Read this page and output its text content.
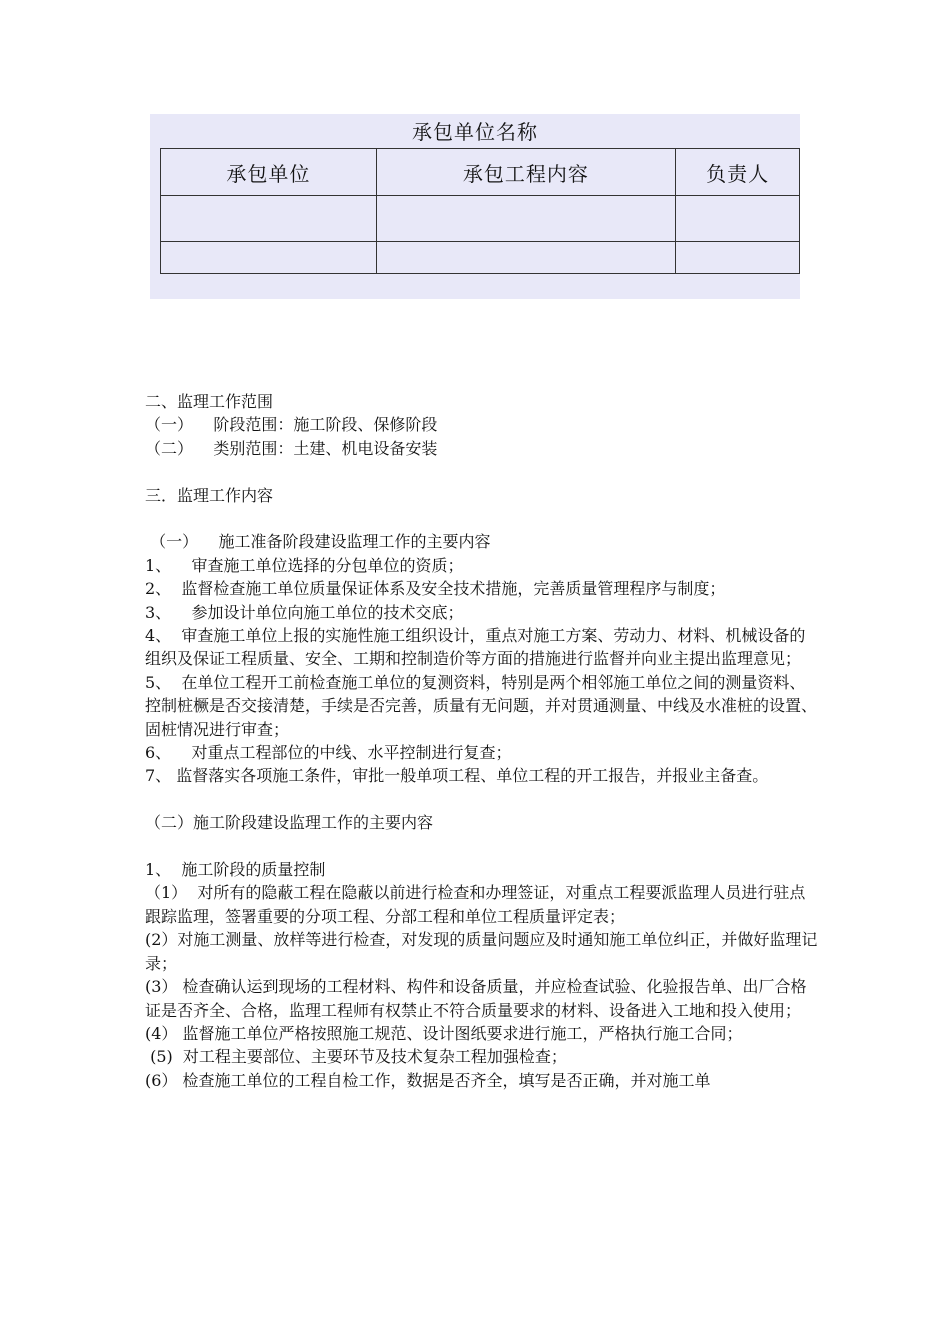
承包单位名称
承包单位	承包工程内容	负责人

二、监理工作范围

（一）    阶段范围：施工阶段、保修阶段

（二）    类别范围：土建、机电设备安装

三．监理工作内容

（一）    施工准备阶段建设监理工作的主要内容

1、    审查施工单位选择的分包单位的资质；

2、  监督检查施工单位质量保证体系及安全技术措施，完善质量管理程序与制度；

3、    参加设计单位向施工单位的技术交底；

4、  审查施工单位上报的实施性施工组织设计，重点对施工方案、劳动力、材料、机械设备的组织及保证工程质量、安全、工期和控制造价等方面的措施进行监督并向业主提出监理意见；

5、  在单位工程开工前检查施工单位的复测资料，特别是两个相邻施工单位之间的测量资料、控制桩橛是否交接清楚，手续是否完善，质量有无问题，并对贯通测量、中线及水准桩的设置、固桩情况进行审查；

6、    对重点工程部位的中线、水平控制进行复查；

7、 监督落实各项施工条件，审批一般单项工程、单位工程的开工报告，并报业主备查。

（二）施工阶段建设监理工作的主要内容

1、  施工阶段的质量控制

（1）  对所有的隐蔽工程在隐蔽以前进行检查和办理签证，对重点工程要派监理人员进行驻点跟踪监理，签署重要的分项工程、分部工程和单位工程质量评定表；

(2）对施工测量、放样等进行检查，对发现的质量问题应及时通知施工单位纠正，并做好监理记录；

(3） 检查确认运到现场的工程材料、构件和设备质量，并应检查试验、化验报告单、出厂合格证是否齐全、合格，监理工程师有权禁止不符合质量要求的材料、设备进入工地和投入使用；

(4） 监督施工单位严格按照施工规范、设计图纸要求进行施工，严格执行施工合同；

(5)  对工程主要部位、主要环节及技术复杂工程加强检查；

(6） 检查施工单位的工程自检工作，数据是否齐全，填写是否正确，并对施工单
